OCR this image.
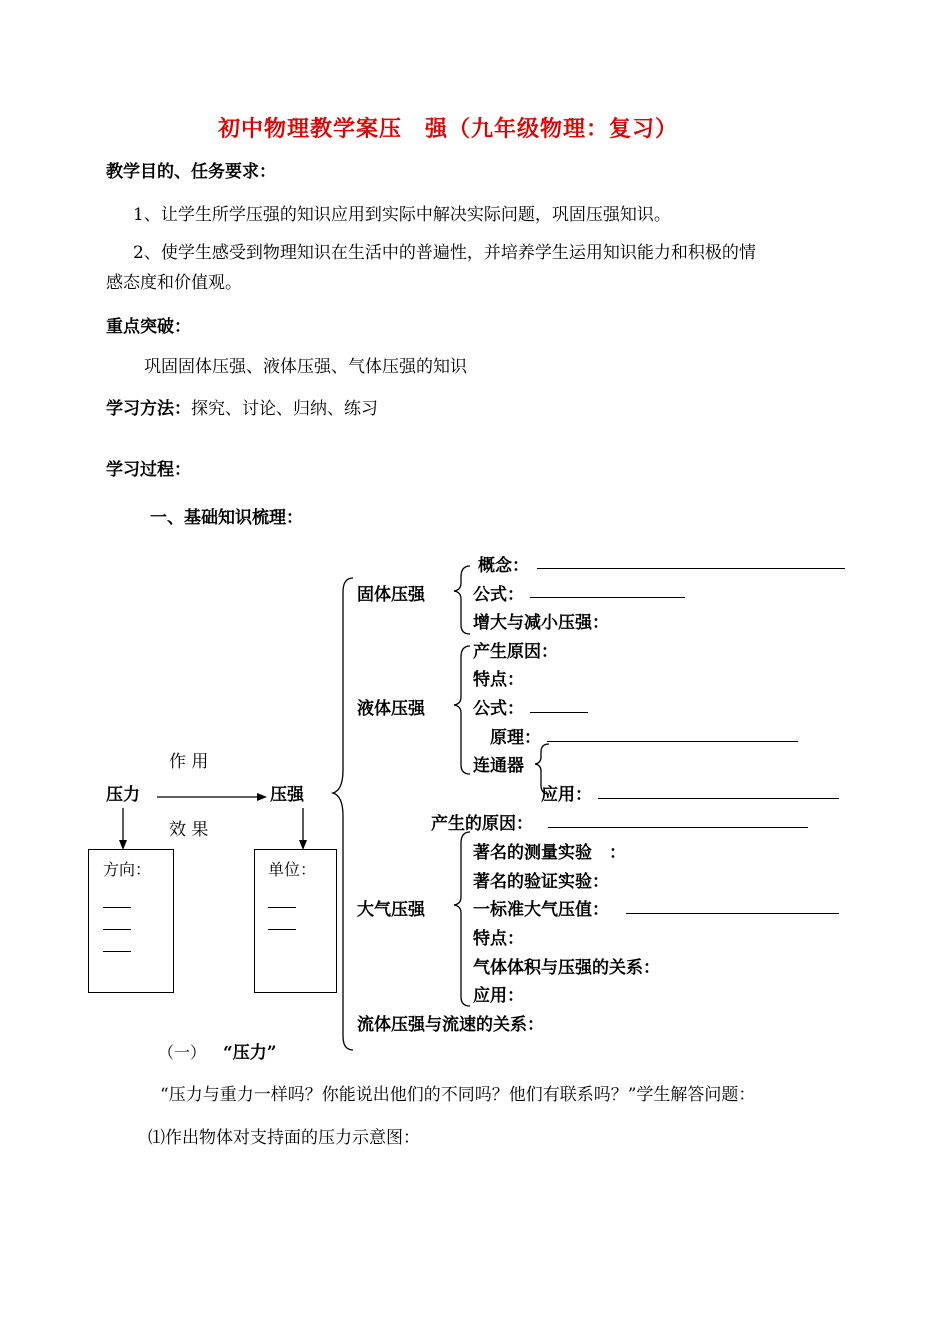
初中物理教学案压　强（九年级物理：复习）
教学目的、任务要求：
1、让学生所学压强的知识应用到实际中解决实际问题，巩固压强知识。
2、使学生感受到物理知识在生活中的普遍性，并培养学生运用知识能力和积极的情
感态度和价值观。
重点突破：
巩固固体压强、液体压强、气体压强的知识
学习方法：探究、讨论、归纳、练习
学习过程：
一、基础知识梳理：
方向：	单位：
压力	压强
作 用
效 果
固体压强
概念：
公式：
增大与减小压强：
液体压强
产生原因：
特点：
公式：
原理：
连通器
应用：
产生的原因：
大气压强
著名的测量实验　：
著名的验证实验：
一标准大气压值：
特点：
气体体积与压强的关系：
应用：
流体压强与流速的关系：
（一） “压力”
“压力与重力一样吗？你能说出他们的不同吗？他们有联系吗？”学生解答问题：
⑴作出物体对支持面的压力示意图：
